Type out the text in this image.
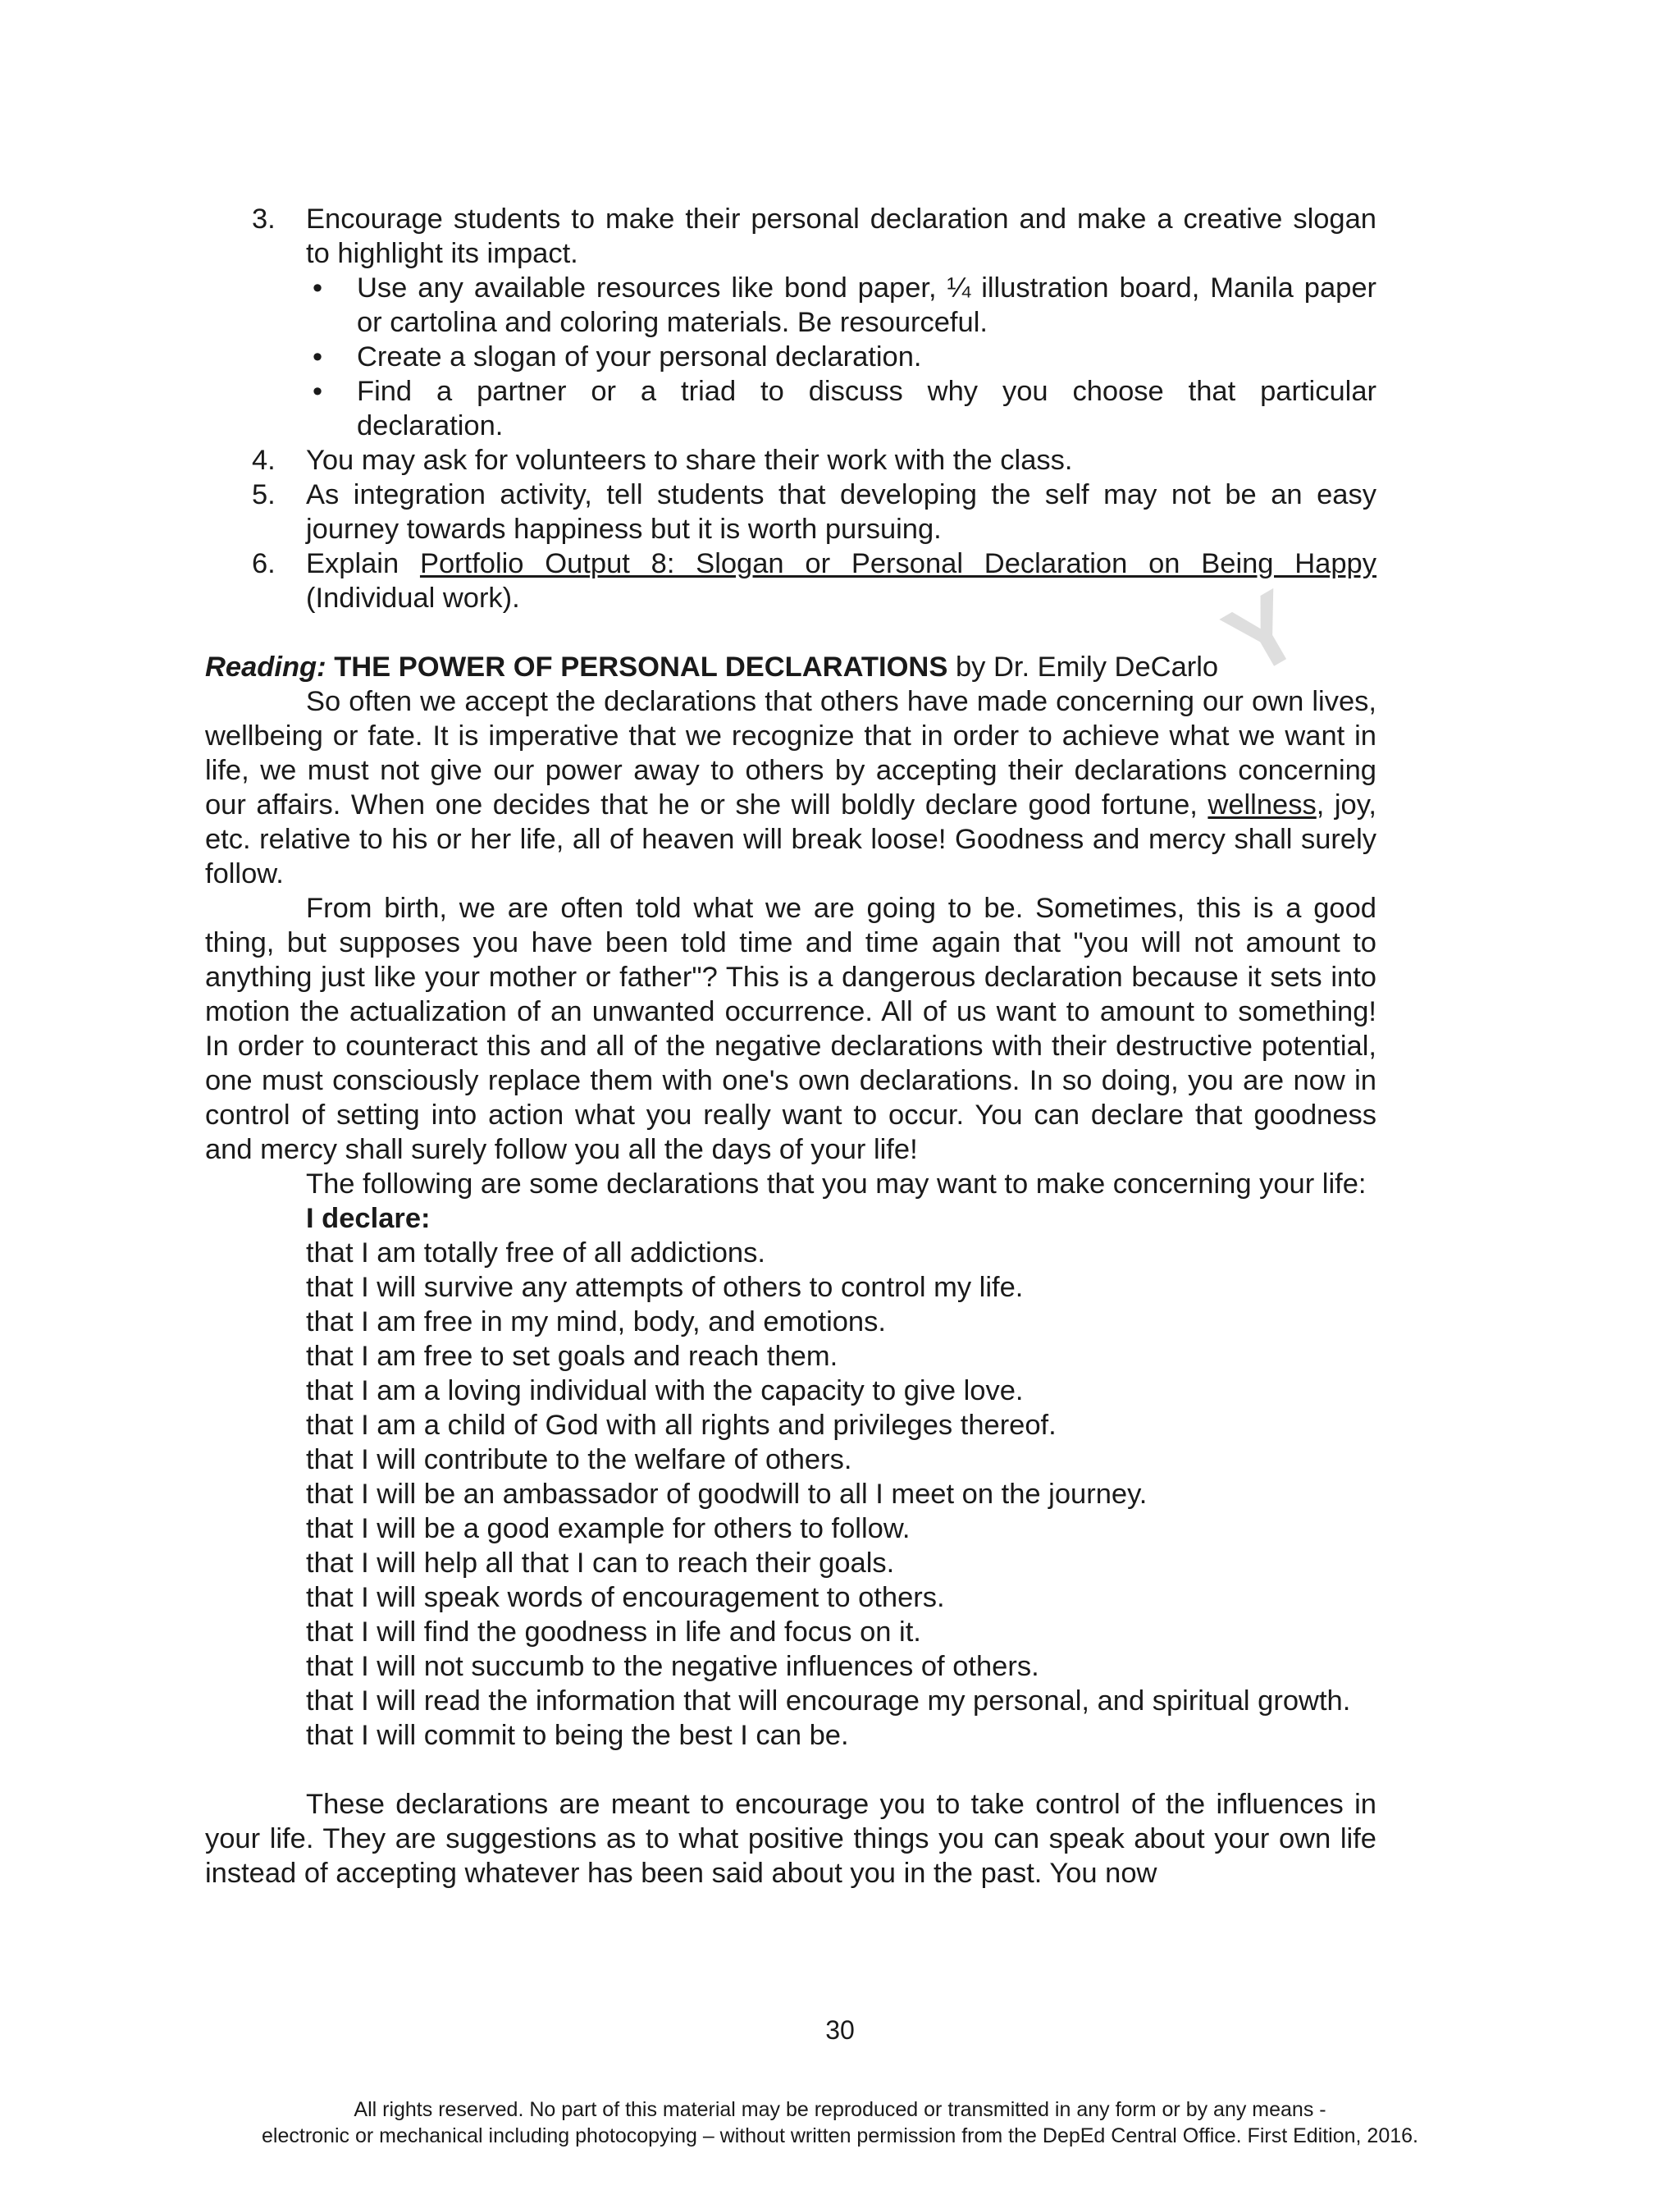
Y
3. Encourage students to make their personal declaration and make a creative slogan to highlight its impact.
• Use any available resources like bond paper, ¼ illustration board, Manila paper or cartolina and coloring materials. Be resourceful.
• Create a slogan of your personal declaration.
• Find a partner or a triad to discuss why you choose that particular declaration.
4. You may ask for volunteers to share their work with the class.
5. As integration activity, tell students that developing the self may not be an easy journey towards happiness but it is worth pursuing.
6. Explain Portfolio Output 8: Slogan or Personal Declaration on Being Happy (Individual work).
Reading: THE POWER OF PERSONAL DECLARATIONS by Dr. Emily DeCarlo

So often we accept the declarations that others have made concerning our own lives, wellbeing or fate. It is imperative that we recognize that in order to achieve what we want in life, we must not give our power away to others by accepting their declarations concerning our affairs. When one decides that he or she will boldly declare good fortune, wellness, joy, etc. relative to his or her life, all of heaven will break loose! Goodness and mercy shall surely follow.

From birth, we are often told what we are going to be. Sometimes, this is a good thing, but supposes you have been told time and time again that "you will not amount to anything just like your mother or father"? This is a dangerous declaration because it sets into motion the actualization of an unwanted occurrence. All of us want to amount to something! In order to counteract this and all of the negative declarations with their destructive potential, one must consciously replace them with one's own declarations. In so doing, you are now in control of setting into action what you really want to occur. You can declare that goodness and mercy shall surely follow you all the days of your life!

The following are some declarations that you may want to make concerning your life:

I declare:
that I am totally free of all addictions.
that I will survive any attempts of others to control my life.
that I am free in my mind, body, and emotions.
that I am free to set goals and reach them.
that I am a loving individual with the capacity to give love.
that I am a child of God with all rights and privileges thereof.
that I will contribute to the welfare of others.
that I will be an ambassador of goodwill to all I meet on the journey.
that I will be a good example for others to follow.
that I will help all that I can to reach their goals.
that I will speak words of encouragement to others.
that I will find the goodness in life and focus on it.
that I will not succumb to the negative influences of others.
that I will read the information that will encourage my personal, and spiritual growth.
that I will commit to being the best I can be.

These declarations are meant to encourage you to take control of the influences in your life. They are suggestions as to what positive things you can speak about your own life instead of accepting whatever has been said about you in the past. You now

30
All rights reserved. No part of this material may be reproduced or transmitted in any form or by any means -
electronic or mechanical including photocopying – without written permission from the DepEd Central Office. First Edition, 2016.
